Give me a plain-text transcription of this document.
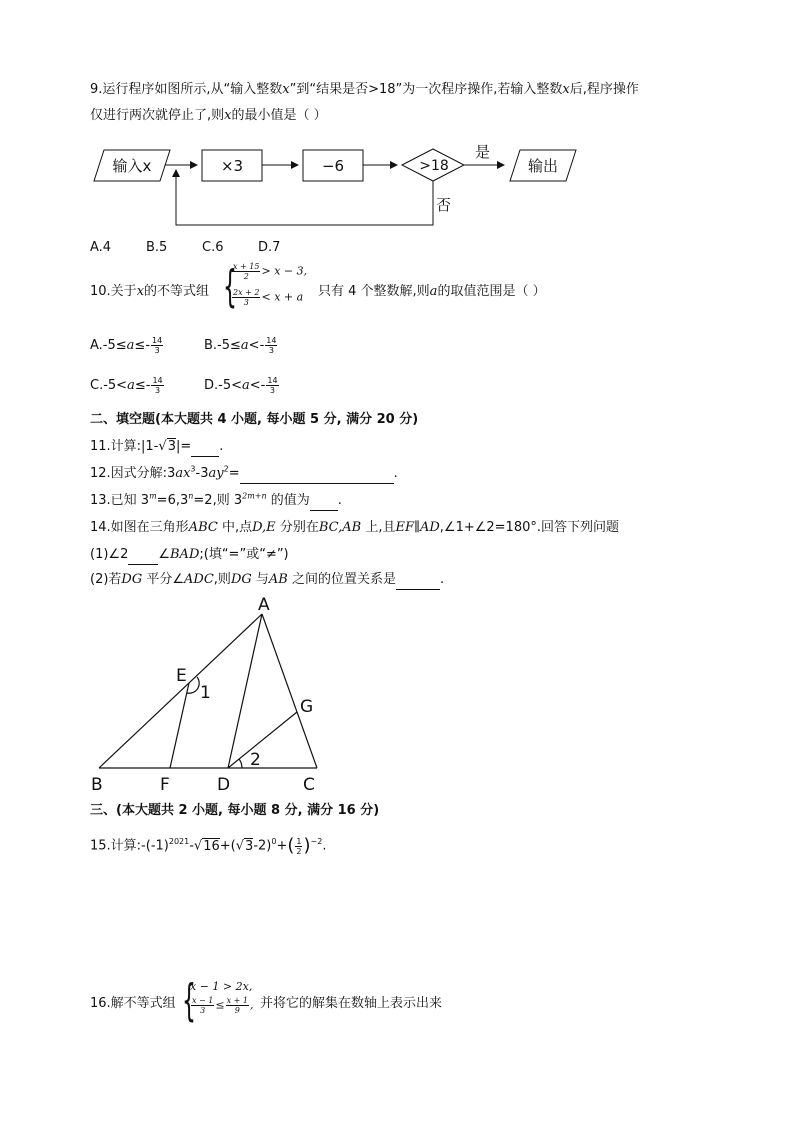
9.运行程序如图所示,从“输入整数x”到“结果是否>18”为一次程序操作,若输入整数x后,程序操作
仅进行两次就停止了,则x的最小值是（ ）
输入x	×3	−6	>18
是
否
输出
A.4	B.5	C.6	D.7
10.关于x的不等式组 {
$\frac{x + 15}{2} > x - 3$,
$\frac{2x + 2}{3} < x + a$ 只有 4 个整数解,则a的取值范围是（ ）
$A.-5\le a\le- \frac{14}{3}$	$B.-5\le a<- \frac{14}{3}$
$C.-5<a\le- \frac{14}{3}$	$D.-5<a<- \frac{14}{3}$
二、填空题(本大题共 4 小题, 每小题 5 分, 满分 20 分)
11.计算:|1-√3|= .
12.因式分解$:3ax^3-3ay^2=$	.
13.已知 $3^m=6,3^n=2$,则 $3^{2m+n}$ 的值为 .
14.如图在三角形ABC 中,点D,E 分别在BC,AB 上,且EF∥AD,∠1+∠2=180°.回答下列问题
(1)∠2 ∠BAD;(填“=”或“≠”)
(2)若DG 平分∠ADC,则DG 与AB 之间的位置关系是	.
A
B	C
D
E
F
G
1
2
三、(本大题共 2 小题, 每小题 8 分, 满分 16 分)
15.计算$:-(-1)^{2021}-√16+(√3-2)^0+( \frac{1}{2} )^{-2}$.
16.解不等式组 {
x − 1 > 2x,
$\frac{x - 1}{3} \le \frac{x + 1}{9}$ , 并将它的解集在数轴上表示出来
